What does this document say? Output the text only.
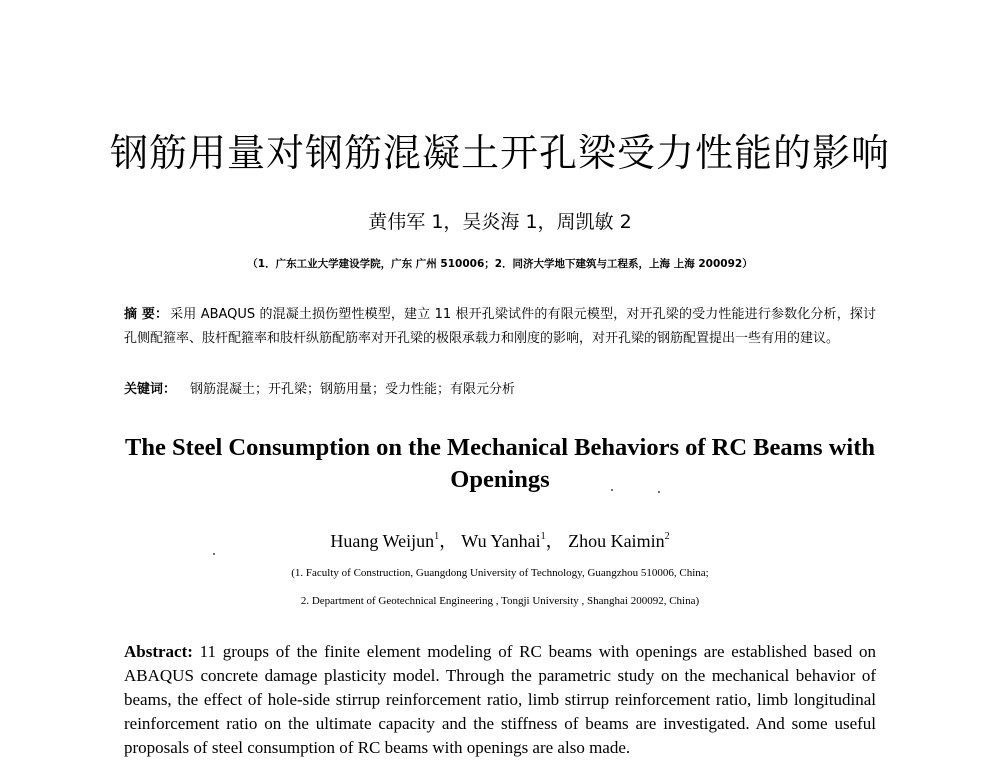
钢筋用量对钢筋混凝土开孔梁受力性能的影响
黄伟军 1，吴炎海 1，周凯敏 2
（1．广东工业大学建设学院，广东 广州 510006；2．同济大学地下建筑与工程系，上海 上海 200092）

摘 要： 采用 ABAQUS 的混凝土损伤塑性模型，建立 11 根开孔梁试件的有限元模型，对开孔梁的受力性能进行参数化分析，探讨孔侧配箍率、肢杆配箍率和肢杆纵筋配筋率对开孔梁的极限承载力和刚度的影响，对开孔梁的钢筋配置提出一些有用的建议。

关键词： 钢筋混凝土；开孔梁；钢筋用量；受力性能；有限元分析
The Steel Consumption on the Mechanical Behaviors of RC Beams with Openings
Huang Weijun$^1$， Wu Yanhai$^1$， Zhou Kaimin$^2$
(1. Faculty of Construction, Guangdong University of Technology, Guangzhou 510006, China;
2. Department of Geotechnical Engineering , Tongji University , Shanghai 200092, China)

Abstract: 11 groups of the finite element modeling of RC beams with openings are established based on ABAQUS concrete damage plasticity model. Through the parametric study on the mechanical behavior of beams, the effect of hole-side stirrup reinforcement ratio, limb stirrup reinforcement ratio, limb longitudinal reinforcement ratio on the ultimate capacity and the stiffness of beams are investigated. And some useful proposals of steel consumption of RC beams with openings are also made.
